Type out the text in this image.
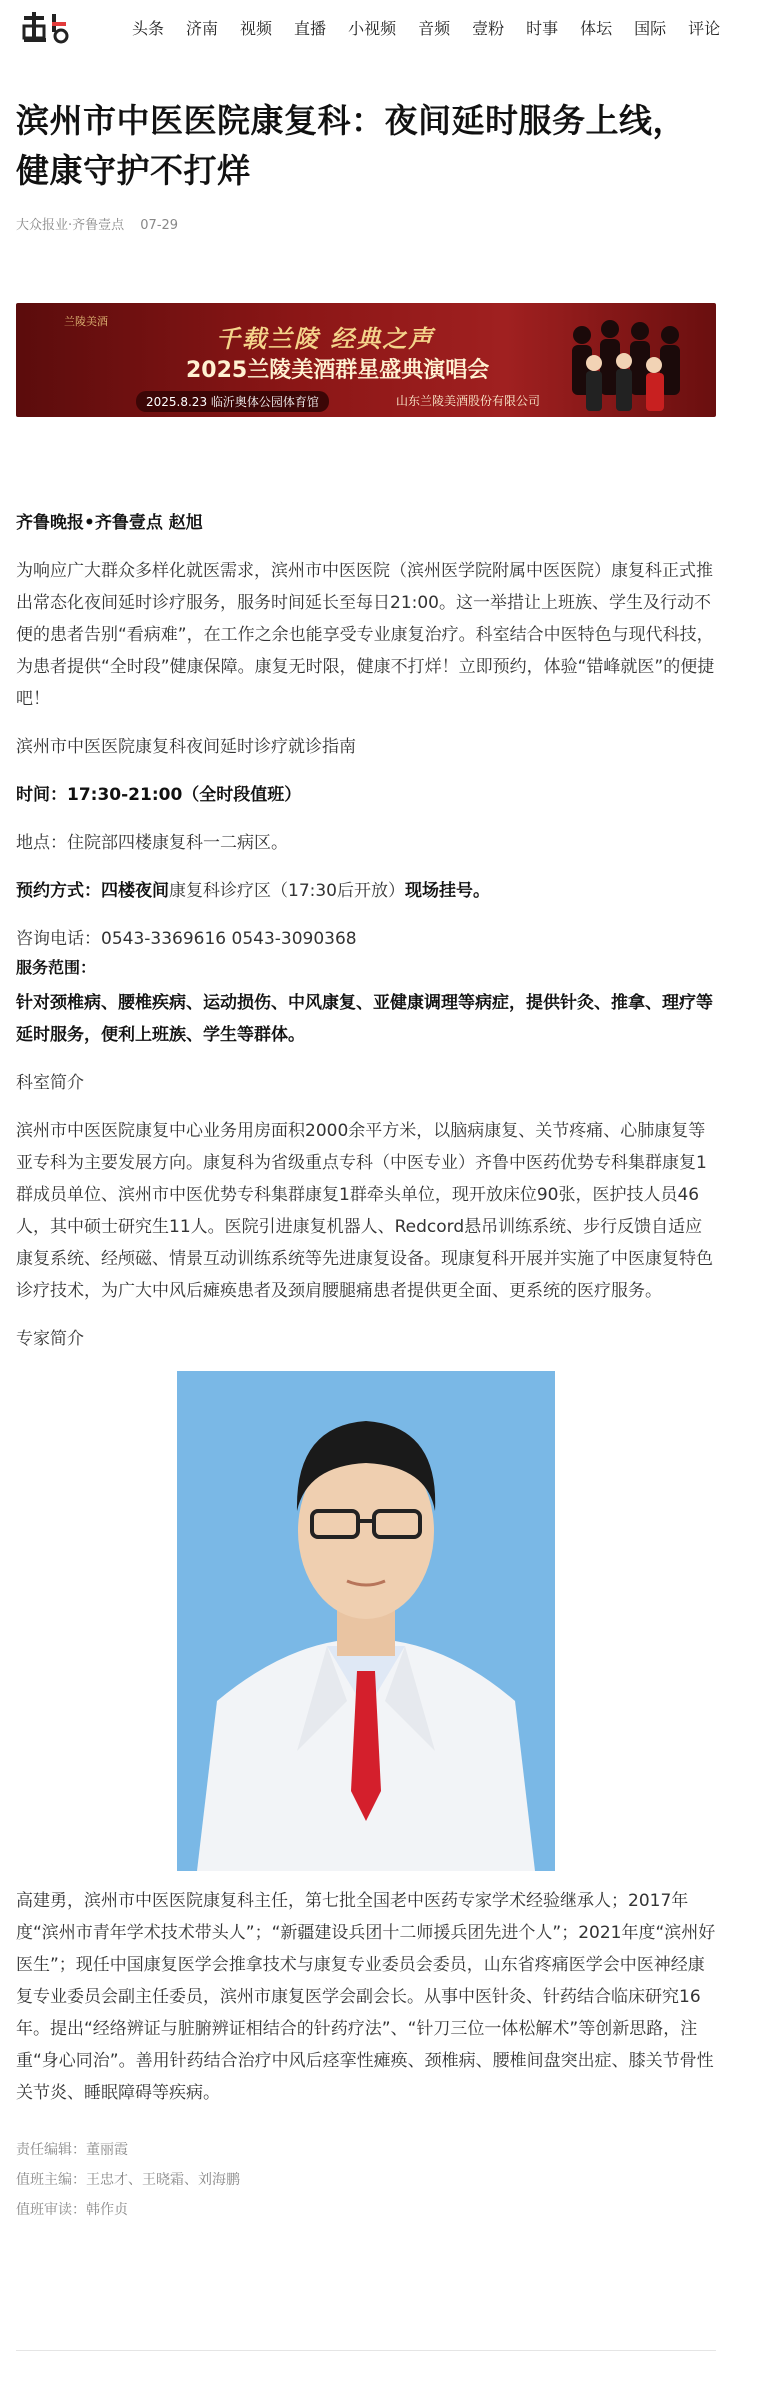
头条 济南 视频 直播 小视频 音频 壹粉 时事 体坛 国际 评论
滨州市中医医院康复科：夜间延时服务上线，健康守护不打烊
大众报业·齐鲁壹点 07-29
兰陵美酒
千载兰陵 经典之声
2025兰陵美酒群星盛典演唱会
2025.8.23 临沂奥体公园体育馆	山东兰陵美酒股份有限公司

齐鲁晚报•齐鲁壹点 赵旭

为响应广大群众多样化就医需求，滨州市中医医院（滨州医学院附属中医医院）康复科正式推出常态化夜间延时诊疗服务，服务时间延长至每日21:00。这一举措让上班族、学生及行动不便的患者告别“看病难”，在工作之余也能享受专业康复治疗。科室结合中医特色与现代科技，为患者提供“全时段”健康保障。康复无时限，健康不打烊！立即预约，体验“错峰就医”的便捷吧！

滨州市中医医院康复科夜间延时诊疗就诊指南

时间：17:30-21:00（全时段值班）

地点：住院部四楼康复科一二病区。

预约方式：四楼夜间康复科诊疗区（17:30后开放）现场挂号。

咨询电话：0543-3369616 0543-3090368

服务范围：

针对颈椎病、腰椎疾病、运动损伤、中风康复、亚健康调理等病症，提供针灸、推拿、理疗等延时服务，便利上班族、学生等群体。

科室简介

滨州市中医医院康复中心业务用房面积2000余平方米，以脑病康复、关节疼痛、心肺康复等亚专科为主要发展方向。康复科为省级重点专科（中医专业）齐鲁中医药优势专科集群康复1群成员单位、滨州市中医优势专科集群康复1群牵头单位，现开放床位90张，医护技人员46人，其中硕士研究生11人。医院引进康复机器人、Redcord悬吊训练系统、步行反馈自适应康复系统、经颅磁、情景互动训练系统等先进康复设备。现康复科开展并实施了中医康复特色诊疗技术，为广大中风后瘫痪患者及颈肩腰腿痛患者提供更全面、更系统的医疗服务。

专家简介

高建勇，滨州市中医医院康复科主任，第七批全国老中医药专家学术经验继承人；2017年度“滨州市青年学术技术带头人”；“新疆建设兵团十二师援兵团先进个人”；2021年度“滨州好医生”；现任中国康复医学会推拿技术与康复专业委员会委员，山东省疼痛医学会中医神经康复专业委员会副主任委员，滨州市康复医学会副会长。从事中医针灸、针药结合临床研究16年。提出“经络辨证与脏腑辨证相结合的针药疗法”、“针刀三位一体松解术”等创新思路，注重“身心同治”。善用针药结合治疗中风后痉挛性瘫痪、颈椎病、腰椎间盘突出症、膝关节骨性关节炎、睡眠障碍等疾病。

责任编辑：董丽霞
值班主编：王忠才、王晓霜、刘海鹏
值班审读：韩作贞
